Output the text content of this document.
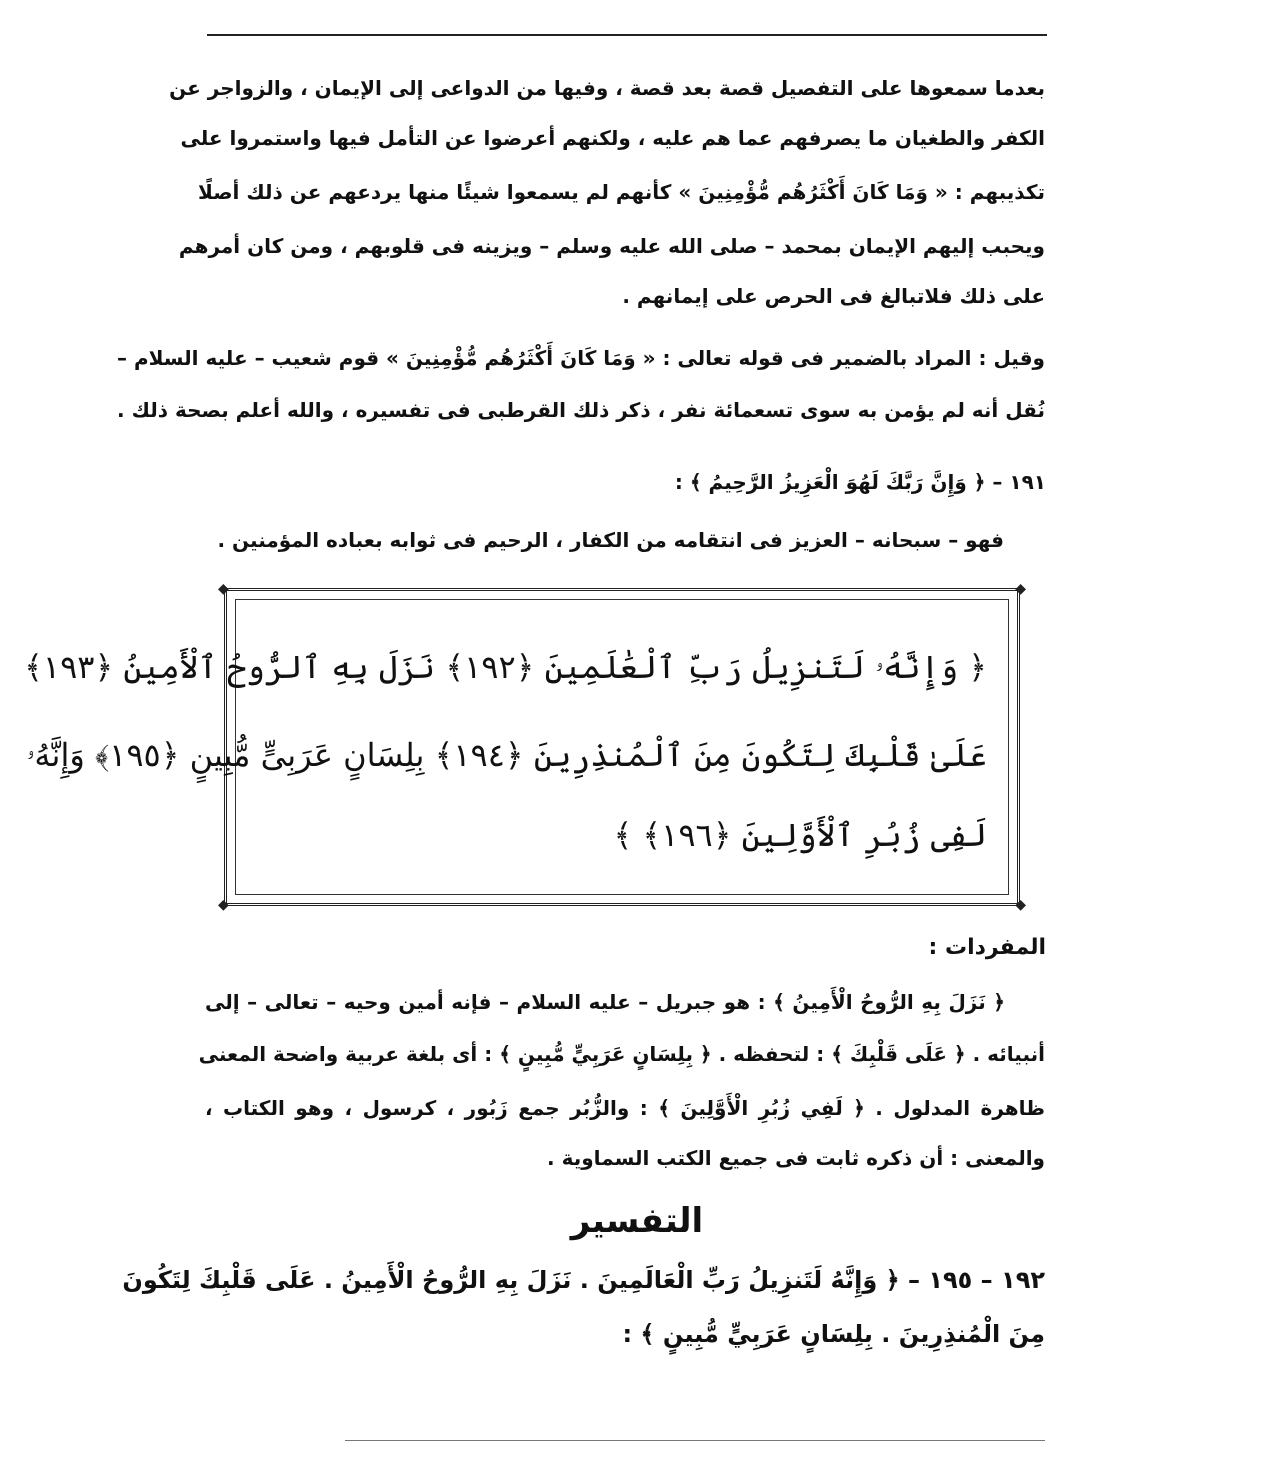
بعدما سمعوها على التفصيل قصة بعد قصة ، وفيها من الدواعى إلى الإيمان ، والزواجر عن
الكفر والطغيان ما يصرفهم عما هم عليه ، ولكنهم أعرضوا عن التأمل فيها واستمروا على
تكذيبهم : « وَمَا كَانَ أَكْثَرُهُم مُّؤْمِنِينَ » كأنهم لم يسمعوا شيئًا منها يردعهم عن ذلك أصلًا
ويحبب إليهم الإيمان بمحمد – صلى الله عليه وسلم – ويزينه فى قلوبهم ، ومن كان أمرهم
على ذلك فلاتبالغ فى الحرص على إيمانهم .
وقيل : المراد بالضمير فى قوله تعالى : « وَمَا كَانَ أَكْثَرُهُم مُّؤْمِنِينَ » قوم شعيب – عليه السلام –
نُقل أنه لم يؤمن به سوى تسعمائة نفر ، ذكر ذلك القرطبى فى تفسيره ، والله أعلم بصحة ذلك .
١٩١ – ﴿ وَإِنَّ رَبَّكَ لَهُوَ الْعَزِيزُ الرَّحِيمُ ﴾ :
فهو – سبحانه – العزيز فى انتقامه من الكفار ، الرحيم فى ثوابه بعباده المؤمنين .
◆	◆
◆	◆
﴿ وَإِنَّهُۥ لَتَنزِيلُ رَبِّ ٱلْعَٰلَمِينَ ﴿١٩٢﴾ نَزَلَ بِهِ ٱلرُّوحُ ٱلْأَمِينُ ﴿١٩٣﴾
عَلَىٰ قَلْبِكَ لِتَكُونَ مِنَ ٱلْمُنذِرِينَ ﴿١٩٤﴾ بِلِسَانٍ عَرَبِىٍّ مُّبِينٍ ﴿١٩٥﴾ وَإِنَّهُۥ
لَفِى زُبُرِ ٱلْأَوَّلِينَ ﴿١٩٦﴾ ﴾
المفردات :
﴿ نَزَلَ بِهِ الرُّوحُ الْأَمِينُ ﴾ : هو جبريل – عليه السلام – فإنه أمين وحيه – تعالى – إلى
أنبيائه . ﴿ عَلَى قَلْبِكَ ﴾ : لتحفظه . ﴿ بِلِسَانٍ عَرَبِيٍّ مُّبِينٍ ﴾ : أى بلغة عربية واضحة المعنى
ظاهرة المدلول . ﴿ لَفِي زُبُرِ الْأَوَّلِينَ ﴾ : والزُّبُر جمع زَبُور ، كرسول ، وهو الكتاب ،
والمعنى : أن ذكره ثابت فى جميع الكتب السماوية .
التفسير
١٩٢ – ١٩٥ – ﴿ وَإِنَّهُ لَتَنزِيلُ رَبِّ الْعَالَمِينَ . نَزَلَ بِهِ الرُّوحُ الْأَمِينُ . عَلَى قَلْبِكَ لِتَكُونَ
مِنَ الْمُنذِرِينَ . بِلِسَانٍ عَرَبِيٍّ مُّبِينٍ ﴾ :
